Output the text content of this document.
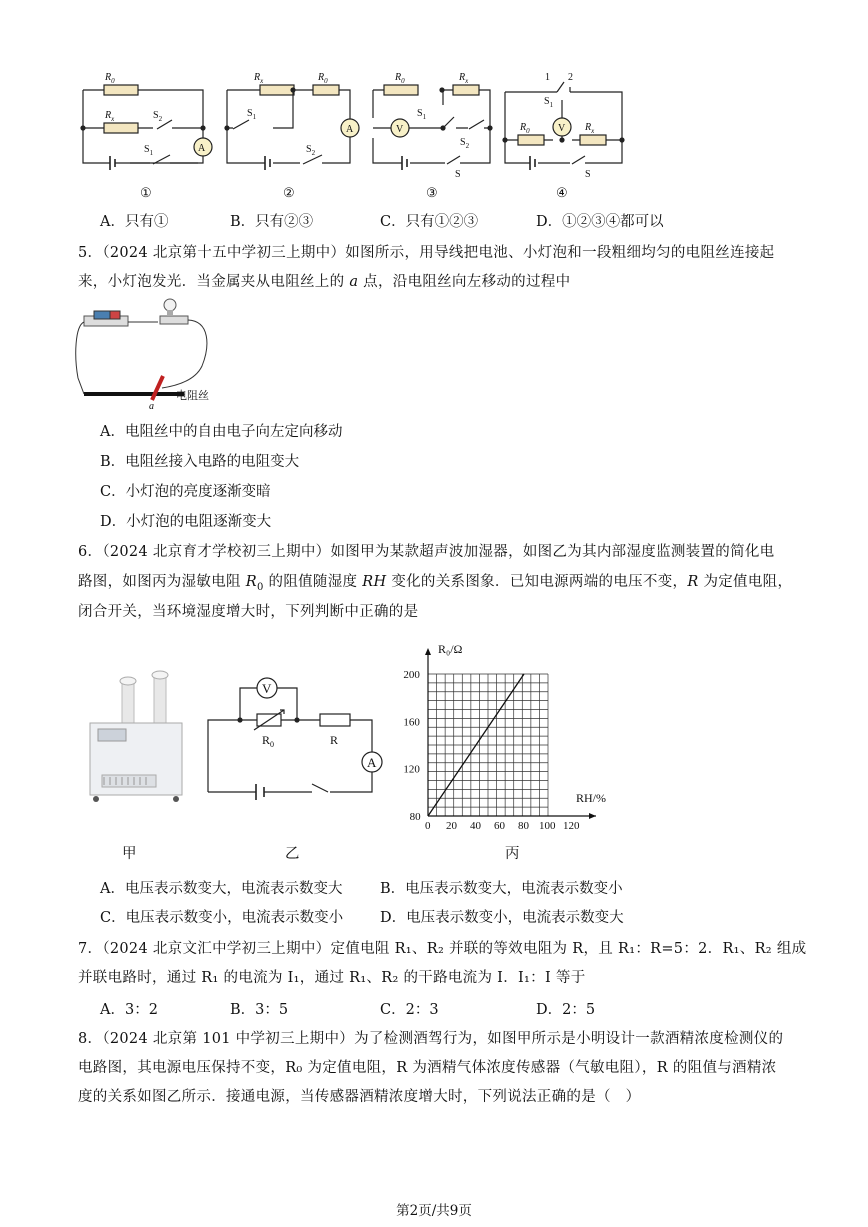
$R_0$
$R_x$	$S_2$
$S_1$	A
$R_x$	$R_0$
$S_1$
$S_2$
A
$R_0$	$R_x$
$S_1$
$S_2$
S
V
1 2
$S_1$
$R_0$	$R_x$
S
V
①	②	③	④
A．只有①	B．只有②③	C．只有①②③	D．①②③④都可以
5．（2024 北京第十五中学初三上期中）如图所示，用导线把电池、小灯泡和一段粗细均匀的电阻丝连接起
来，小灯泡发光．当金属夹从电阻丝上的 a 点，沿电阻丝向左移动的过程中
电阻丝
a
A．电阻丝中的自由电子向左定向移动
B．电阻丝接入电路的电阻变大
C．小灯泡的亮度逐渐变暗
D．小灯泡的电阻逐渐变大
6．（2024 北京育才学校初三上期中）如图甲为某款超声波加湿器，如图乙为其内部湿度监测装置的简化电
路图，如图丙为湿敏电阻 $R_0$ 的阻值随湿度 RH 变化的关系图象．已知电源两端的电压不变，R 为定值电阻，
闭合开关，当环境湿度增大时，下列判断中正确的是
V
A
$R_0$	R
0 20 40 60 80 100 120
80
120
160
200
R₀/Ω
RH/%
甲	乙	丙
A．电压表示数变大，电流表示数变大	B．电压表示数变大，电流表示数变小
C．电压表示数变小，电流表示数变小	D．电压表示数变小，电流表示数变大
7．（2024 北京文汇中学初三上期中）定值电阻 R₁、R₂ 并联的等效电阻为 R，且 R₁：R=5：2．R₁、R₂ 组成
并联电路时，通过 R₁ 的电流为 I₁，通过 R₁、R₂ 的干路电流为 I．I₁：I 等于
A．3：2	B．3：5	C．2：3	D．2：5
8．（2024 北京第 101 中学初三上期中）为了检测酒驾行为，如图甲所示是小明设计一款酒精浓度检测仪的
电路图，其电源电压保持不变，R₀ 为定值电阻，R 为酒精气体浓度传感器（气敏电阻），R 的阻值与酒精浓
度的关系如图乙所示．接通电源，当传感器酒精浓度增大时，下列说法正确的是（　）
第2页/共9页
